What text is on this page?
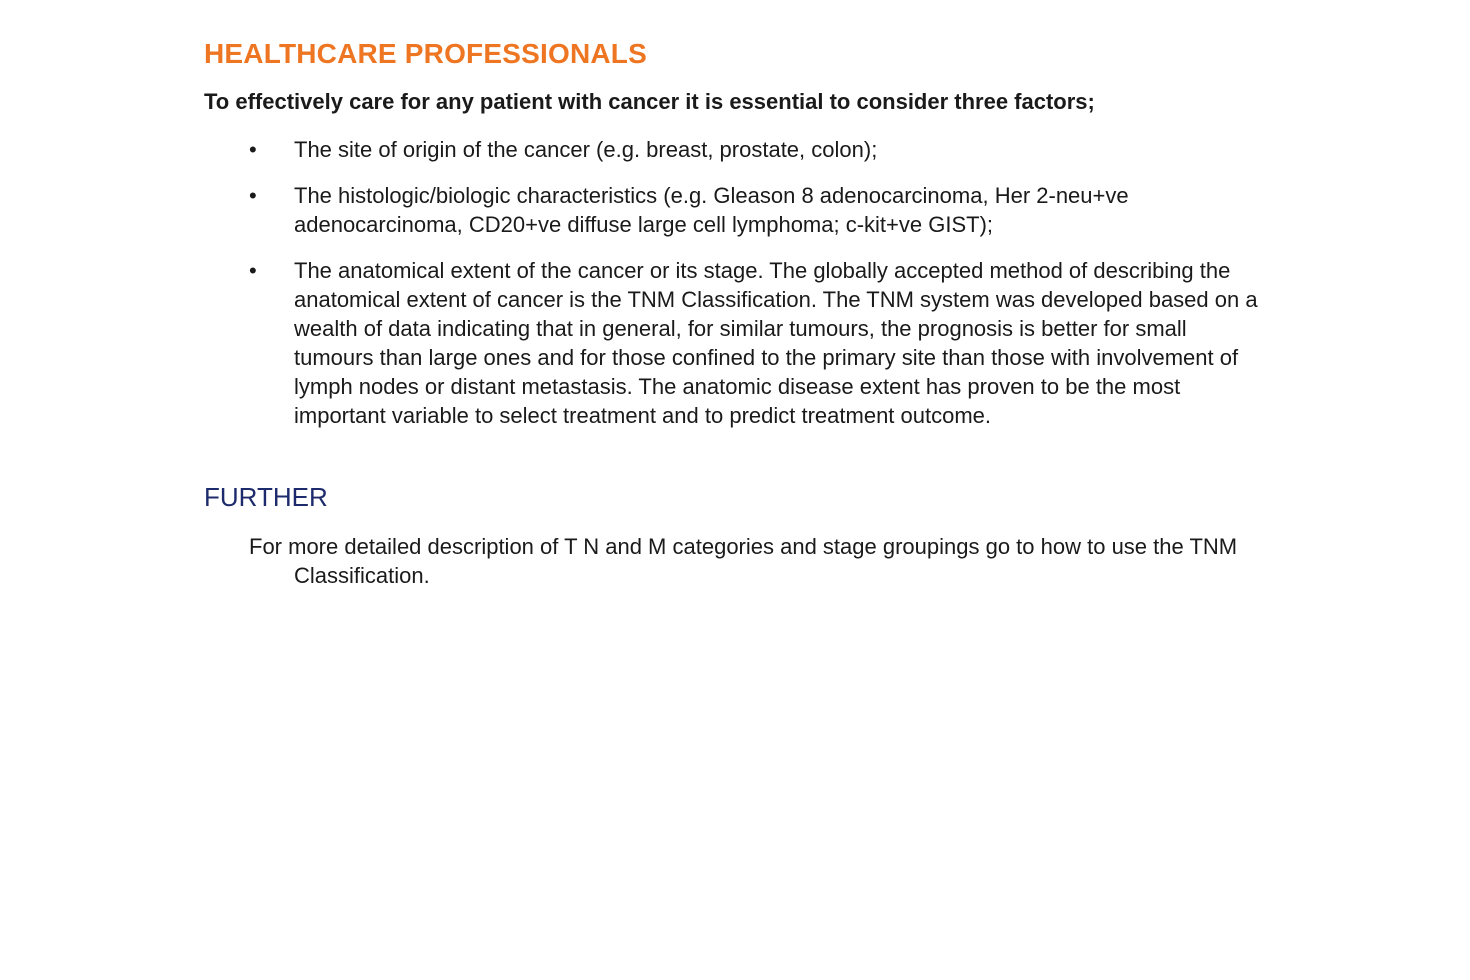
HEALTHCARE PROFESSIONALS

To effectively care for any patient with cancer it is essential to consider three factors;

•	The site of origin of the cancer (e.g. breast, prostate, colon);
•	The histologic/biologic characteristics (e.g. Gleason 8 adenocarcinoma, Her 2-neu+ve adenocarcinoma, CD20+ve diffuse large cell lymphoma; c-kit+ve GIST);
•	The anatomical extent of the cancer or its stage. The globally accepted method of describing the anatomical extent of cancer is the TNM Classification. The TNM system was developed based on a wealth of data indicating that in general, for similar tumours, the prognosis is better for small tumours than large ones and for those confined to the primary site than those with involvement of lymph nodes or distant metastasis. The anatomic disease extent has proven to be the most important variable to select treatment and to predict treatment outcome.
FURTHER

For more detailed description of T N and M categories and stage groupings go to how to use the TNM Classification.
